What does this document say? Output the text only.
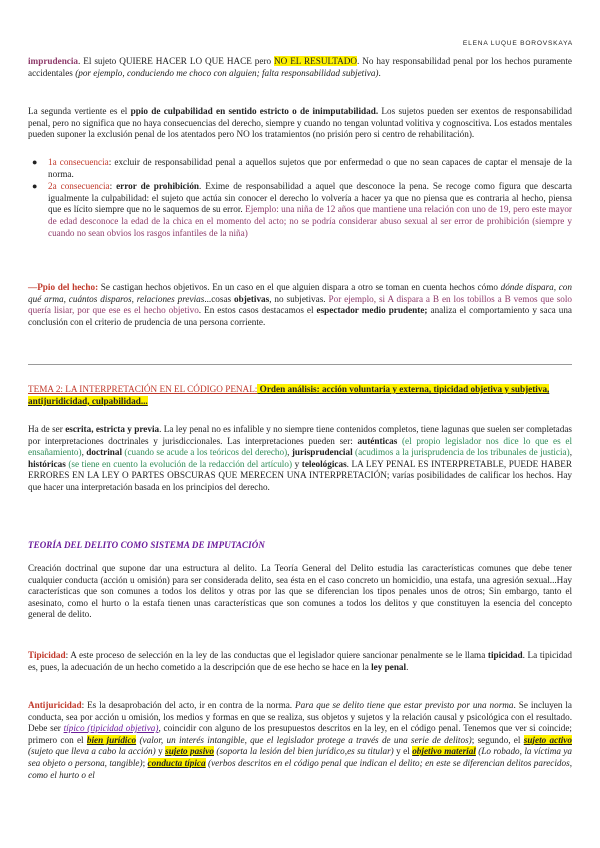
ELENA LUQUE BOROVSKAYA

imprudencia. El sujeto QUIERE HACER LO QUE HACE pero NO EL RESULTADO. No hay responsabilidad penal por los hechos puramente accidentales (por ejemplo, conduciendo me choco con alguien; falta responsabilidad subjetiva).

La segunda vertiente es el ppio de culpabilidad en sentido estricto o de inimputabilidad. Los sujetos pueden ser exentos de responsabilidad penal, pero no significa que no haya consecuencias del derecho, siempre y cuando no tengan voluntad volitiva y cognoscitiva. Los estados mentales pueden suponer la exclusión penal de los atentados pero NO los tratamientos (no prisión pero si centro de rehabilitación).

● 1a consecuencia: excluir de responsabilidad penal a aquellos sujetos que por enfermedad o que no sean capaces de captar el mensaje de la norma.
● 2a consecuencia: error de prohibición. Exime de responsabilidad a aquel que desconoce la pena. Se recoge como figura que descarta igualmente la culpabilidad: el sujeto que actúa sin conocer el derecho lo volvería a hacer ya que no piensa que es contraria al hecho, piensa que es lícito siempre que no le saquemos de su error. Ejemplo: una niña de 12 años que mantiene una relación con uno de 19, pero este mayor de edad desconoce la edad de la chica en el momento del acto; no se podría considerar abuso sexual al ser error de prohibición (siempre y cuando no sean obvios los rasgos infantiles de la niña)

—Ppio del hecho: Se castigan hechos objetivos. En un caso en el que alguien dispara a otro se toman en cuenta hechos cómo dónde dispara, con qué arma, cuántos disparos, relaciones previas...cosas objetivas, no subjetivas. Por ejemplo, si A dispara a B en los tobillos a B vemos que solo quería lisiar, por que ese es el hecho objetivo. En estos casos destacamos el espectador medio prudente; analiza el comportamiento y saca una conclusión con el criterio de prudencia de una persona corriente.

TEMA 2: LA INTERPRETACIÓN EN EL CÓDIGO PENAL: Orden análisis: acción voluntaria y externa, tipicidad objetiva y subjetiva, antijuridicidad, culpabilidad...

Ha de ser escrita, estricta y previa. La ley penal no es infalible y no siempre tiene contenidos completos, tiene lagunas que suelen ser completadas por interpretaciones doctrinales y jurisdiccionales. Las interpretaciones pueden ser: auténticas (el propio legislador nos dice lo que es el ensañamiento), doctrinal (cuando se acude a los teóricos del derecho), jurisprudencial (acudimos a la jurisprudencia de los tribunales de justicia), históricas (se tiene en cuento la evolución de la redacción del artículo) y teleológicas. LA LEY PENAL ES INTERPRETABLE, PUEDE HABER ERRORES EN LA LEY O PARTES OBSCURAS QUE MERECEN UNA INTERPRETACIÓN; varías posibilidades de calificar los hechos. Hay que hacer una interpretación basada en los principios del derecho.

TEORÍA DEL DELITO COMO SISTEMA DE IMPUTACIÓN

Creación doctrinal que supone dar una estructura al delito. La Teoría General del Delito estudia las características comunes que debe tener cualquier conducta (acción u omisión) para ser considerada delito, sea ésta en el caso concreto un homicidio, una estafa, una agresión sexual...Hay características que son comunes a todos los delitos y otras por las que se diferencian los tipos penales unos de otros; Sin embargo, tanto el asesinato, como el hurto o la estafa tienen unas características que son comunes a todos los delitos y que constituyen la esencia del concepto general de delito.

Tipicidad: A este proceso de selección en la ley de las conductas que el legislador quiere sancionar penalmente se le llama tipicidad. La tipicidad es, pues, la adecuación de un hecho cometido a la descripción que de ese hecho se hace en la ley penal.

Antijuricidad: Es la desaprobación del acto, ir en contra de la norma. Para que se delito tiene que estar previsto por una norma. Se incluyen la conducta, sea por acción u omisión, los medios y formas en que se realiza, sus objetos y sujetos y la relación causal y psicológica con el resultado. Debe ser típico (tipicidad objetiva), coincidir con alguno de los presupuestos descritos en la ley, en el código penal. Tenemos que ver si coincide; primero con el bien jurídico (valor, un interés intangible, que el legislador protege a través de una serie de delitos); segundo, el sujeto activo (sujeto que lleva a cabo la acción) y sujeto pasivo (soporta la lesión del bien jurídico,es su titular) y el objetivo material (Lo robado, la víctima ya sea objeto o persona, tangible); conducta típica (verbos descritos en el código penal que indican el delito; en este se diferencian delitos parecidos, como el hurto o el
